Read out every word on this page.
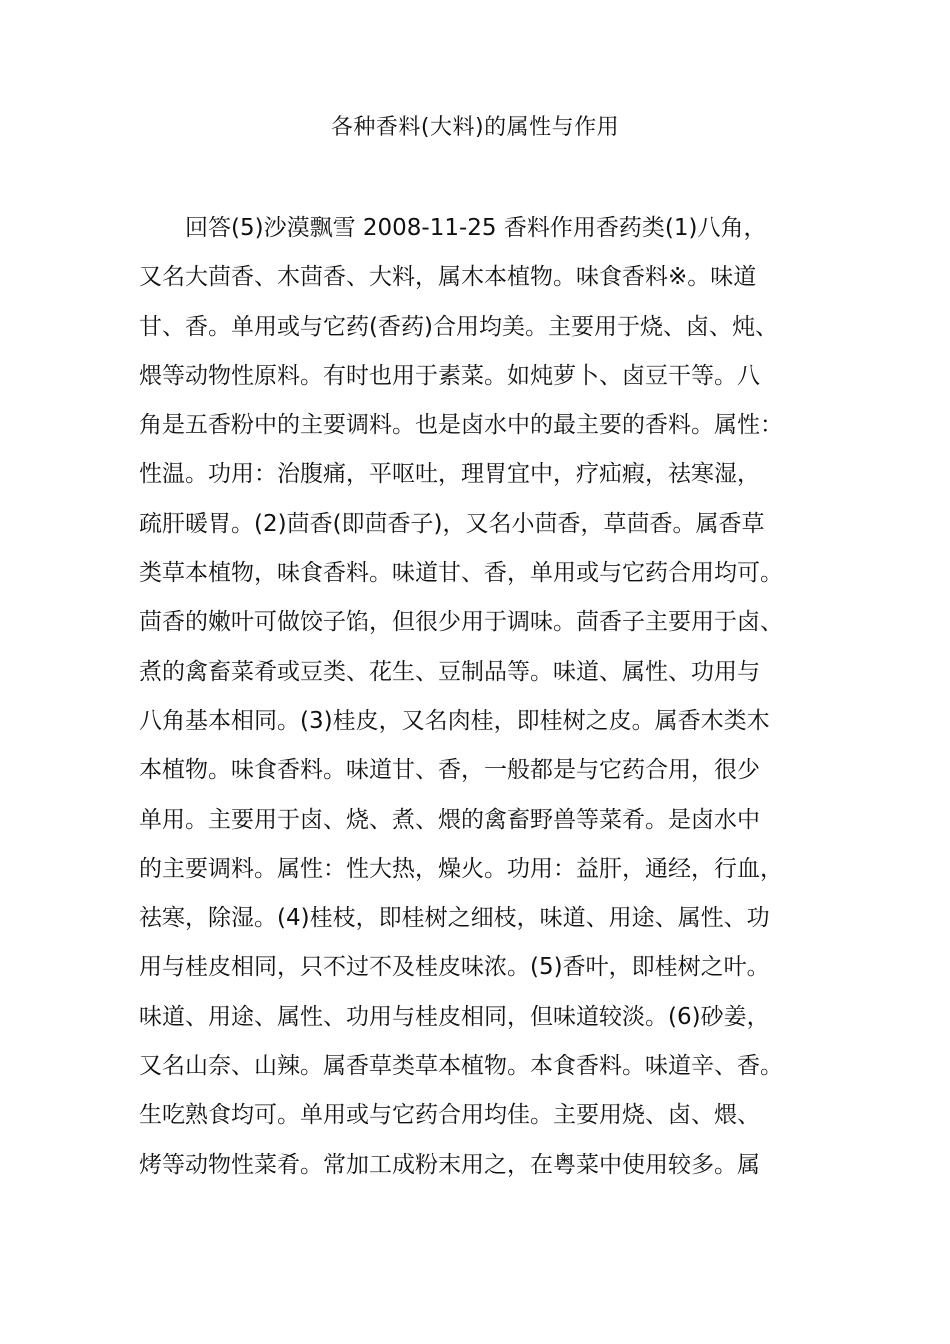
各种香料(大料)的属性与作用
回答(5)沙漠飘雪 2008-11-25 香料作用香药类(1)八角，
又名大茴香、木茴香、大料，属木本植物。味食香料※。味道
甘、香。单用或与它药(香药)合用均美。主要用于烧、卤、炖、
煨等动物性原料。有时也用于素菜。如炖萝卜、卤豆干等。八
角是五香粉中的主要调料。也是卤水中的最主要的香料。属性：
性温。功用：治腹痛，平呕吐，理胃宜中，疗疝瘕，祛寒湿，
疏肝暖胃。(2)茴香(即茴香子)，又名小茴香，草茴香。属香草
类草本植物，味食香料。味道甘、香，单用或与它药合用均可。
茴香的嫩叶可做饺子馅，但很少用于调味。茴香子主要用于卤、
煮的禽畜菜肴或豆类、花生、豆制品等。味道、属性、功用与
八角基本相同。(3)桂皮，又名肉桂，即桂树之皮。属香木类木
本植物。味食香料。味道甘、香，一般都是与它药合用，很少
单用。主要用于卤、烧、煮、煨的禽畜野兽等菜肴。是卤水中
的主要调料。属性：性大热，燥火。功用：益肝，通经，行血，
祛寒，除湿。(4)桂枝，即桂树之细枝，味道、用途、属性、功
用与桂皮相同，只不过不及桂皮味浓。(5)香叶，即桂树之叶。
味道、用途、属性、功用与桂皮相同，但味道较淡。(6)砂姜，
又名山奈、山辣。属香草类草本植物。本食香料。味道辛、香。
生吃熟食均可。单用或与它药合用均佳。主要用烧、卤、煨、
烤等动物性菜肴。常加工成粉末用之，在粤菜中使用较多。属
